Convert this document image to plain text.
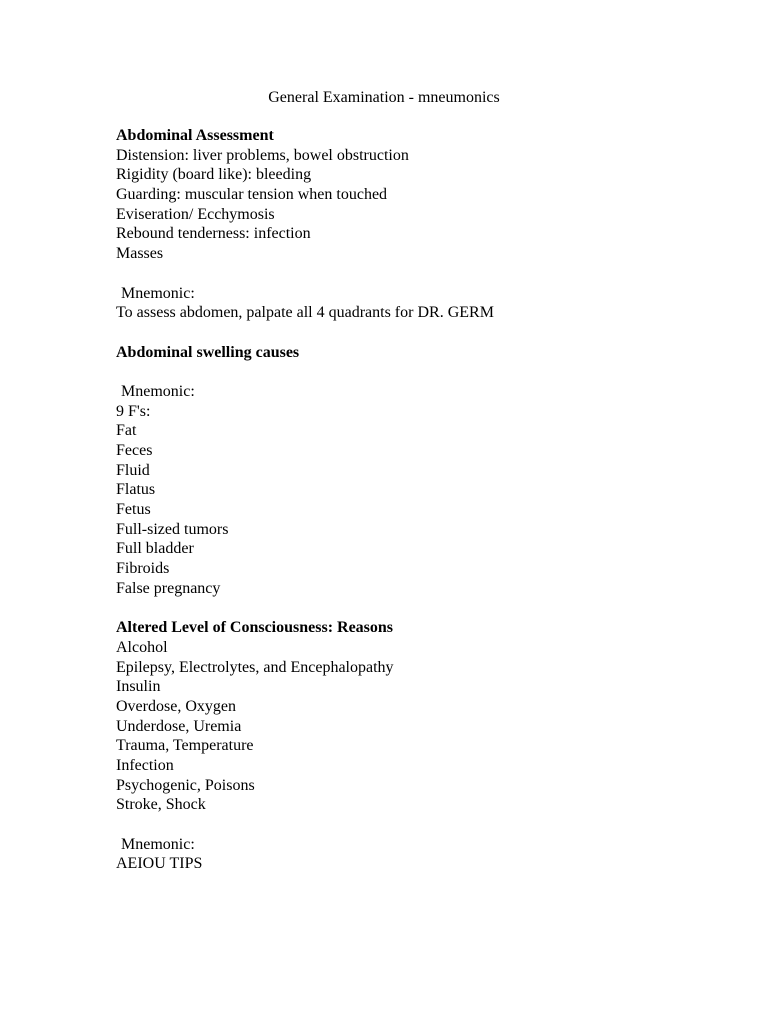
General Examination - mneumonics
Abdominal Assessment
Distension: liver problems, bowel obstruction
Rigidity (board like): bleeding
Guarding: muscular tension when touched
Eviseration/ Ecchymosis
Rebound tenderness: infection
Masses
Mnemonic:
To assess abdomen, palpate all 4 quadrants for DR. GERM
Abdominal swelling causes
Mnemonic:
9 F's:
Fat
Feces
Fluid
Flatus
Fetus
Full-sized tumors
Full bladder
Fibroids
False pregnancy
Altered Level of Consciousness: Reasons
Alcohol
Epilepsy, Electrolytes, and Encephalopathy
Insulin
Overdose, Oxygen
Underdose, Uremia
Trauma, Temperature
Infection
Psychogenic, Poisons
Stroke, Shock
Mnemonic:
AEIOU TIPS
